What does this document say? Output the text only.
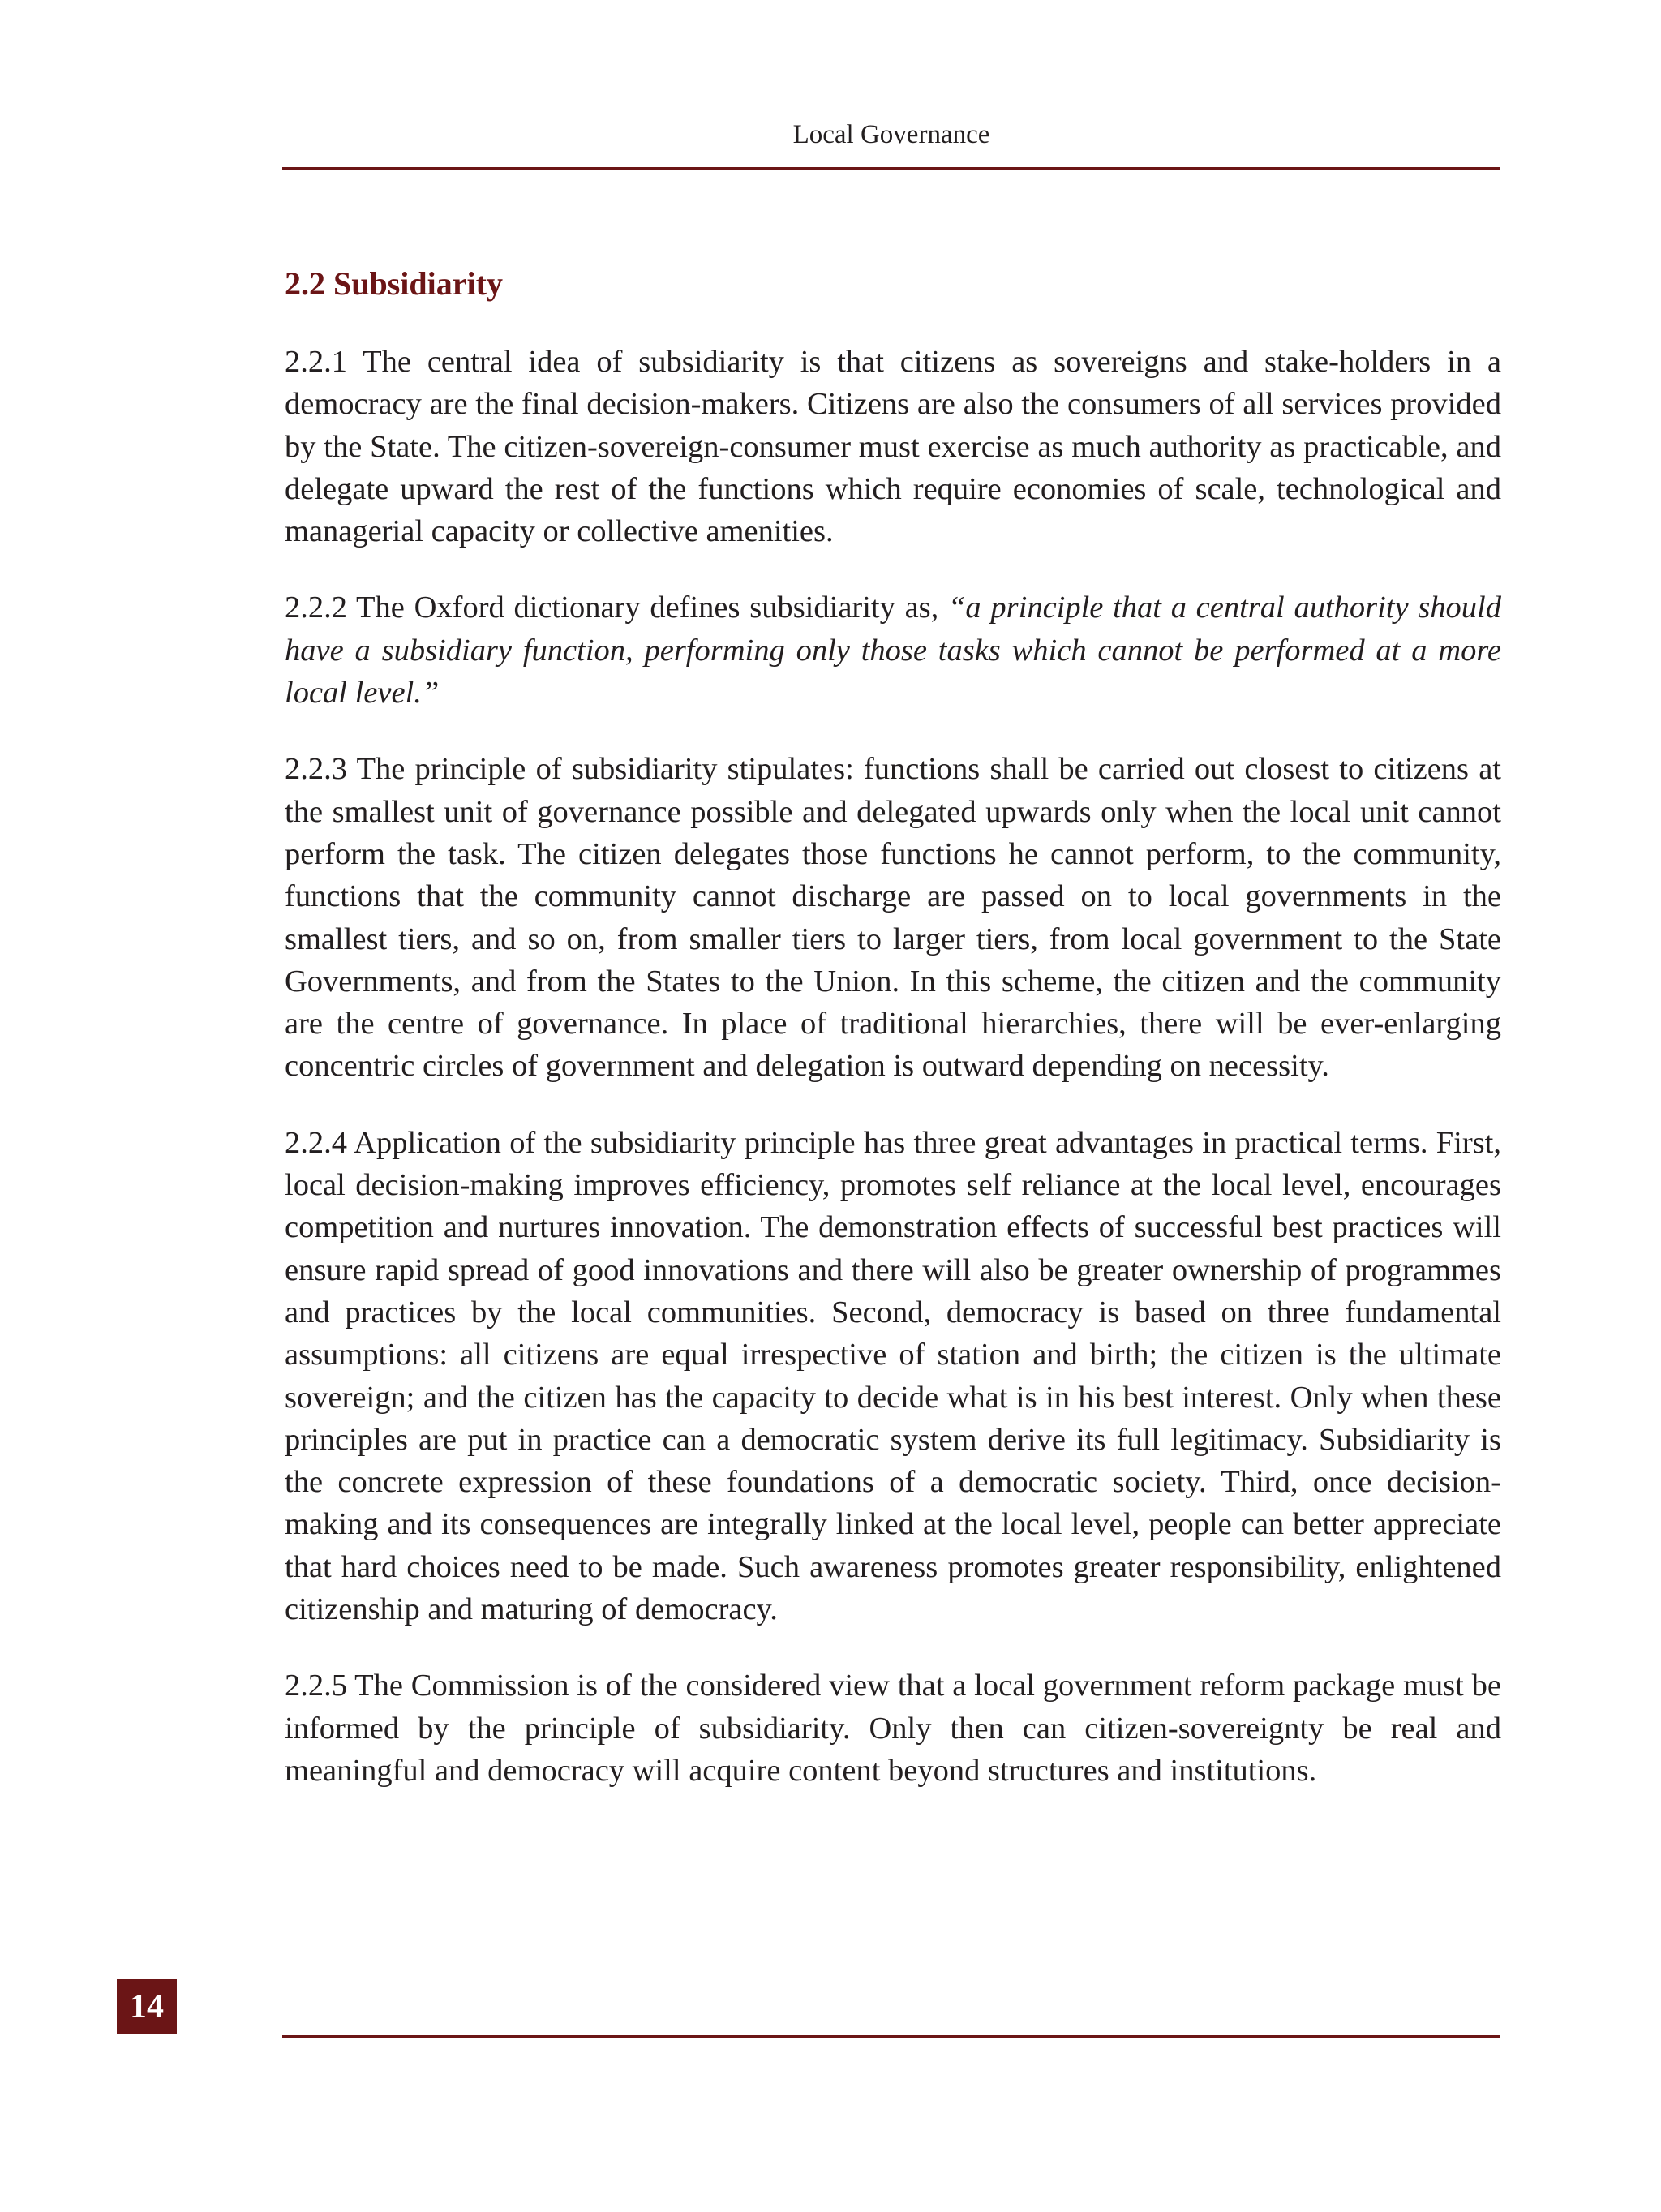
Local Governance
2.2 Subsidiarity

2.2.1 The central idea of subsidiarity is that citizens as sovereigns and stake-holders in a democracy are the final decision-makers. Citizens are also the consumers of all services provided by the State. The citizen-sovereign-consumer must exercise as much authority as practicable, and delegate upward the rest of the functions which require economies of scale, technological and managerial capacity or collective amenities.

2.2.2 The Oxford dictionary defines subsidiarity as, “a principle that a central authority should have a subsidiary function, performing only those tasks which cannot be performed at a more local level.”

2.2.3 The principle of subsidiarity stipulates: functions shall be carried out closest to citizens at the smallest unit of governance possible and delegated upwards only when the local unit cannot perform the task. The citizen delegates those functions he cannot perform, to the community, functions that the community cannot discharge are passed on to local governments in the smallest tiers, and so on, from smaller tiers to larger tiers, from local government to the State Governments, and from the States to the Union. In this scheme, the citizen and the community are the centre of governance. In place of traditional hierarchies, there will be ever-enlarging concentric circles of government and delegation is outward depending on necessity.

2.2.4 Application of the subsidiarity principle has three great advantages in practical terms. First, local decision-making improves efficiency, promotes self reliance at the local level, encourages competition and nurtures innovation. The demonstration effects of successful best practices will ensure rapid spread of good innovations and there will also be greater ownership of programmes and practices by the local communities. Second, democracy is based on three fundamental assumptions: all citizens are equal irrespective of station and birth; the citizen is the ultimate sovereign; and the citizen has the capacity to decide what is in his best interest. Only when these principles are put in practice can a democratic system derive its full legitimacy. Subsidiarity is the concrete expression of these foundations of a democratic society. Third, once decision-making and its consequences are integrally linked at the local level, people can better appreciate that hard choices need to be made. Such awareness promotes greater responsibility, enlightened citizenship and maturing of democracy.

2.2.5 The Commission is of the considered view that a local government reform package must be informed by the principle of subsidiarity. Only then can citizen-sovereignty be real and meaningful and democracy will acquire content beyond structures and institutions.

14
